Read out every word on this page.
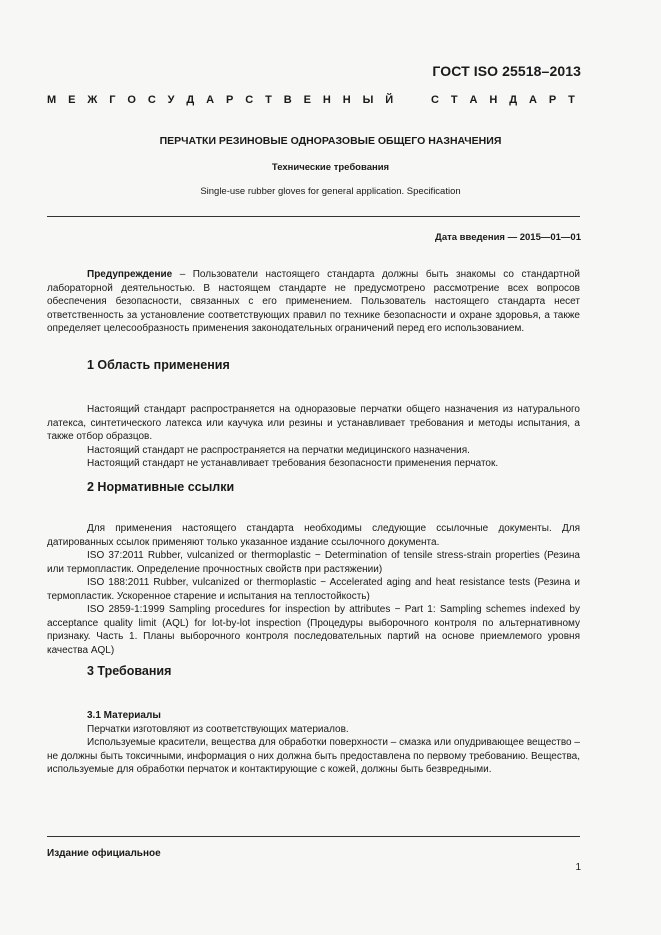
ГОСТ ISO 25518–2013
М Е Ж Г О С У Д А Р С Т В Е Н Н Ы Й	С Т А Н Д А Р Т
ПЕРЧАТКИ РЕЗИНОВЫЕ ОДНОРАЗОВЫЕ ОБЩЕГО НАЗНАЧЕНИЯ
Технические требования
Single-use rubber gloves for general application. Specification
Дата введения — 2015—01—01

Предупреждение – Пользователи настоящего стандарта должны быть знакомы со стандартной лабораторной деятельностью. В настоящем стандарте не предусмотрено рассмотрение всех вопросов обеспечения безопасности, связанных с его применением. Пользователь настоящего стандарта несет ответственность за установление соответствующих правил по технике безопасности и охране здоровья, а также определяет целесообразность применения законодательных ограничений перед его использованием.

1 Область применения

Настоящий стандарт распространяется на одноразовые перчатки общего назначения из натурального латекса, синтетического латекса или каучука или резины и устанавливает требования и методы испытания, а также отбор образцов.

Настоящий стандарт не распространяется на перчатки медицинского назначения.

Настоящий стандарт не устанавливает требования безопасности применения перчаток.

2 Нормативные ссылки

Для применения настоящего стандарта необходимы следующие ссылочные документы. Для датированных ссылок применяют только указанное издание ссылочного документа.

ISO 37:2011 Rubber, vulcanized or thermoplastic − Determination of tensile stress-strain properties (Резина или термопластик. Определение прочностных свойств при растяжении)

ISO 188:2011 Rubber, vulcanized or thermoplastic − Accelerated aging and heat resistance tests (Резина и термопластик. Ускоренное старение и испытания на теплостойкость)

ISO 2859-1:1999 Sampling procedures for inspection by attributes − Part 1: Sampling schemes indexed by acceptance quality limit (AQL) for lot-by-lot inspection (Процедуры выборочного контроля по альтернативному признаку. Часть 1. Планы выборочного контроля последовательных партий на основе приемлемого уровня качества AQL)

3 Требования

3.1 Материалы

Перчатки изготовляют из соответствующих материалов.

Используемые красители, вещества для обработки поверхности – смазка или опудривающее вещество – не должны быть токсичными, информация о них должна быть предоставлена по первому требованию. Вещества, используемые для обработки перчаток и контактирующие с кожей, должны быть безвредными.

Издание официальное
1
